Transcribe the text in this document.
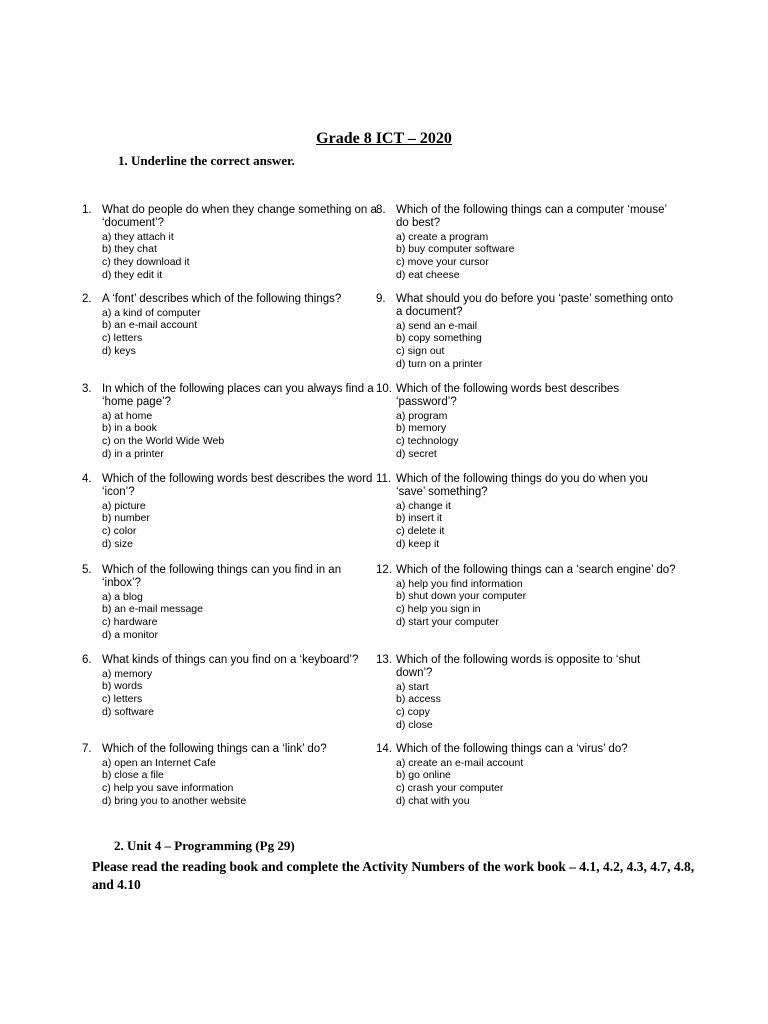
Grade 8 ICT – 2020
1. Underline the correct answer.
1. What do people do when they change something on a ‘document’?
a) they attach it
b) they chat
c) they download it
d) they edit it
2. A ‘font’ describes which of the following things?
a) a kind of computer
b) an e-mail account
c) letters
d) keys
3. In which of the following places can you always find a ‘home page’?
a) at home
b) in a book
c) on the World Wide Web
d) in a printer
4. Which of the following words best describes the word ‘icon’?
a) picture
b) number
c) color
d) size
5. Which of the following things can you find in an ‘inbox’?
a) a blog
b) an e-mail message
c) hardware
d) a monitor
6. What kinds of things can you find on a ‘keyboard’?
a) memory
b) words
c) letters
d) software
7. Which of the following things can a ‘link’ do?
a) open an Internet Cafe
b) close a file
c) help you save information
d) bring you to another website
8. Which of the following things can a computer ‘mouse’ do best?
a) create a program
b) buy computer software
c) move your cursor
d) eat cheese
9. What should you do before you ‘paste’ something onto a document?
a) send an e-mail
b) copy something
c) sign out
d) turn on a printer
10. Which of the following words best describes ‘password’?
a) program
b) memory
c) technology
d) secret
11. Which of the following things do you do when you ‘save’ something?
a) change it
b) insert it
c) delete it
d) keep it
12. Which of the following things can a ‘search engine’ do?
a) help you find information
b) shut down your computer
c) help you sign in
d) start your computer
13. Which of the following words is opposite to ‘shut down’?
a) start
b) access
c) copy
d) close
14. Which of the following things can a ‘virus’ do?
a) create an e-mail account
b) go online
c) crash your computer
d) chat with you
2. Unit 4 – Programming (Pg 29)
Please read the reading book and complete the Activity Numbers of the work book – 4.1, 4.2, 4.3, 4.7, 4.8, and 4.10
